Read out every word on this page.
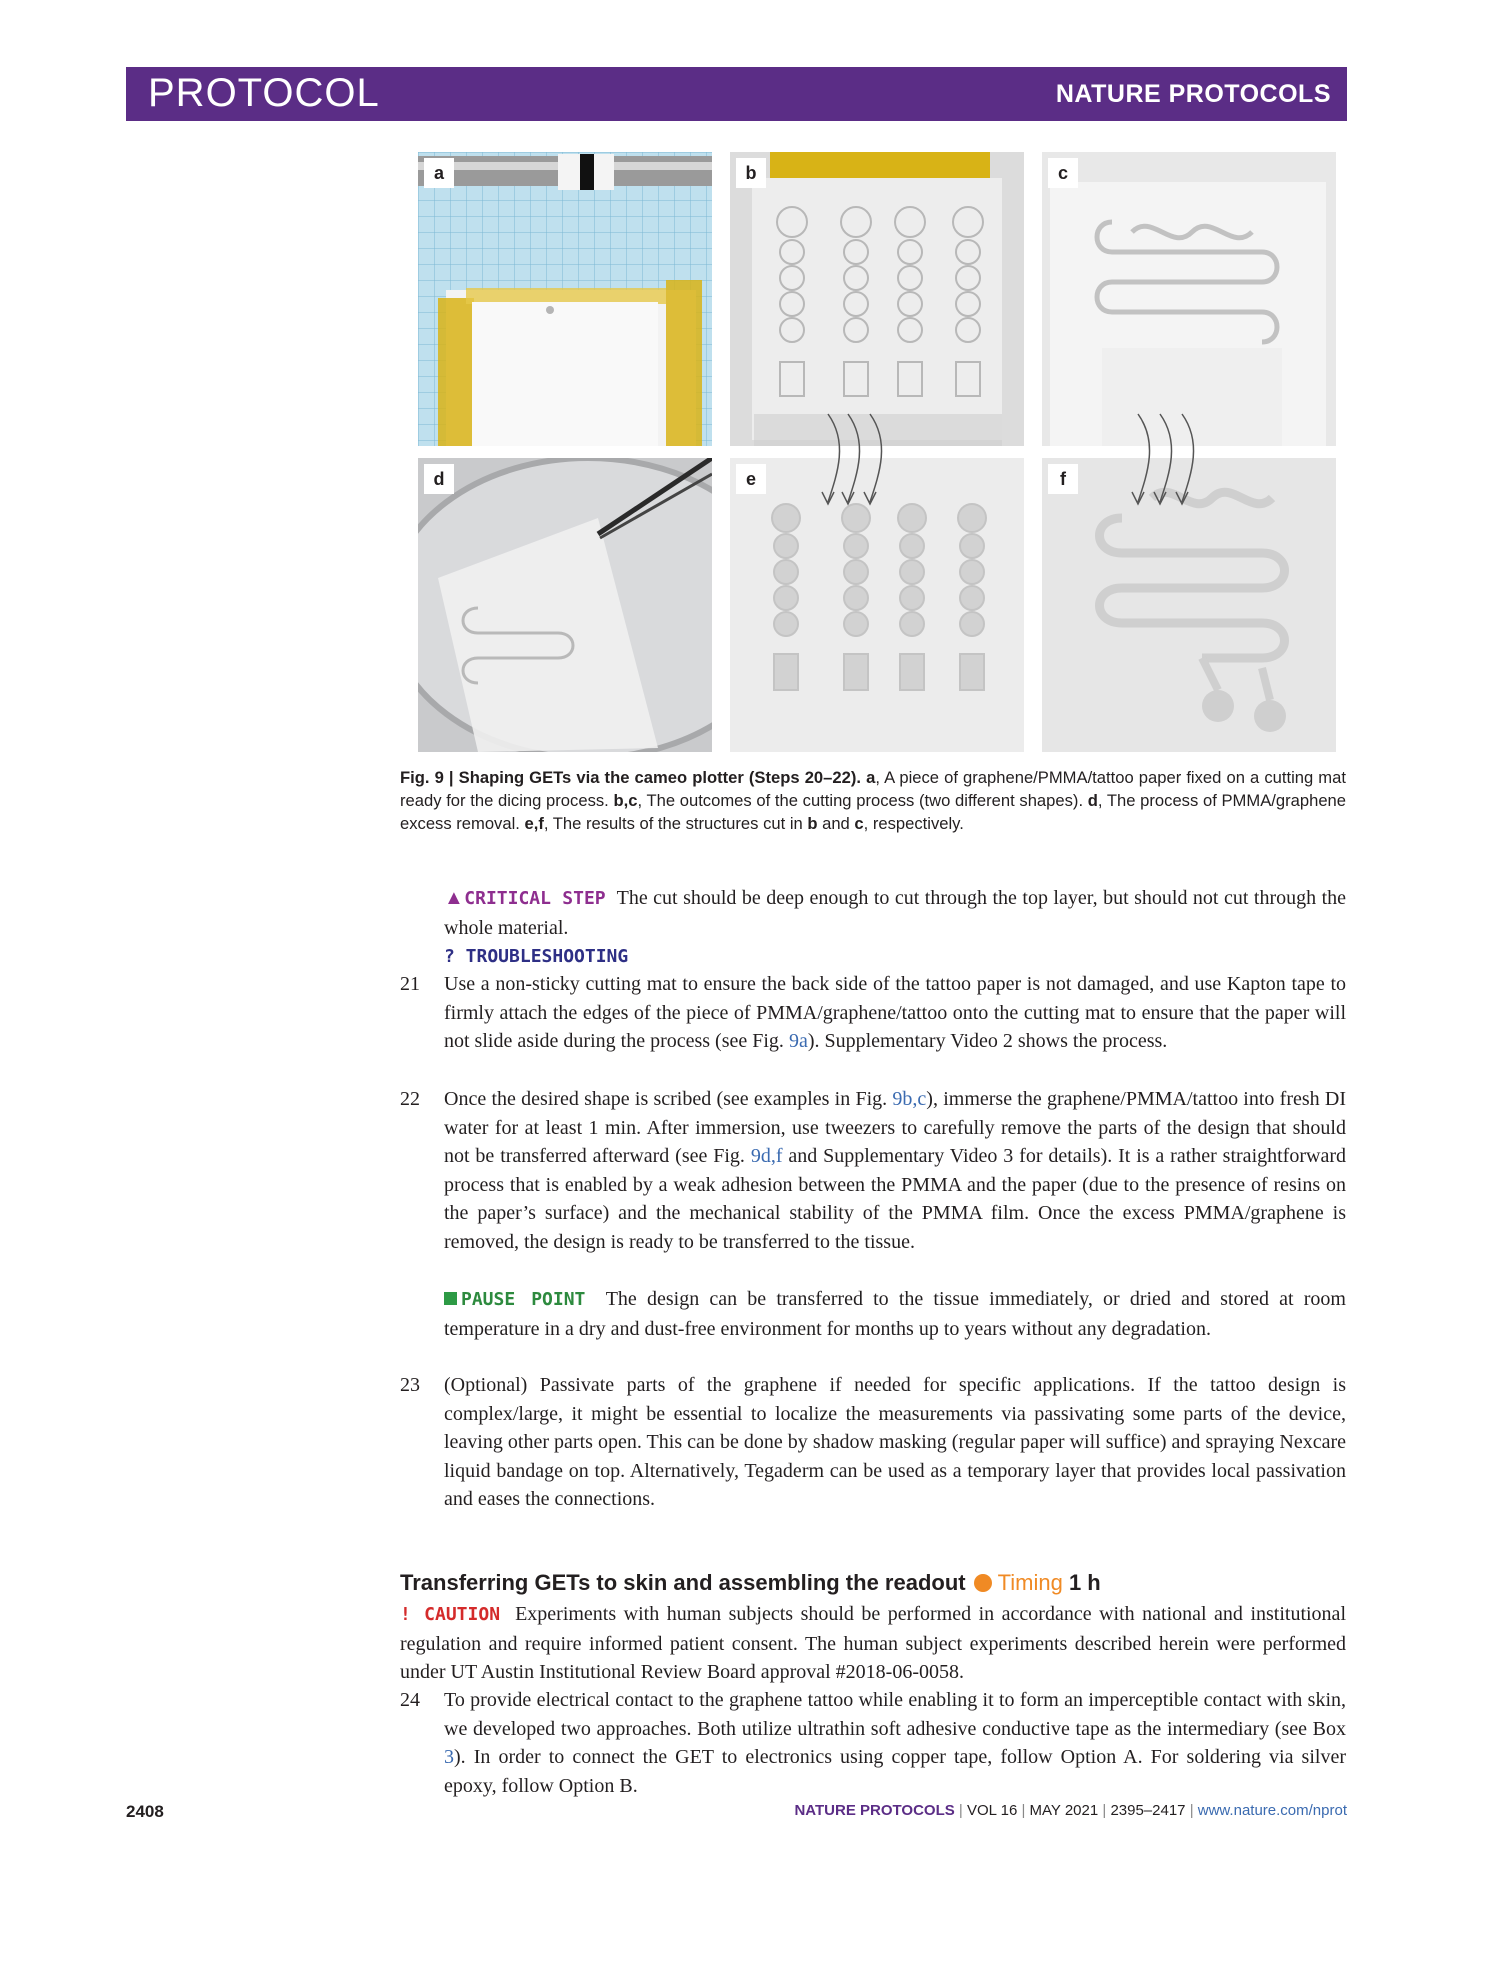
PROTOCOL	NATURE PROTOCOLS
a	b	c
d	e	f
Fig. 9 | Shaping GETs via the cameo plotter (Steps 20–22). a, A piece of graphene/PMMA/tattoo paper fixed on a cutting mat ready for the dicing process. b,c, The outcomes of the cutting process (two different shapes). d, The process of PMMA/graphene excess removal. e,f, The results of the structures cut in b and c, respectively.
▲CRITICAL STEP The cut should be deep enough to cut through the top layer, but should not cut through the whole material.
? TROUBLESHOOTING
21	Use a non-sticky cutting mat to ensure the back side of the tattoo paper is not damaged, and use Kapton tape to firmly attach the edges of the piece of PMMA/graphene/tattoo onto the cutting mat to ensure that the paper will not slide aside during the process (see Fig. 9a). Supplementary Video 2 shows the process.
22	Once the desired shape is scribed (see examples in Fig. 9b,c), immerse the graphene/PMMA/tattoo into fresh DI water for at least 1 min. After immersion, use tweezers to carefully remove the parts of the design that should not be transferred afterward (see Fig. 9d,f and Supplementary Video 3 for details). It is a rather straightforward process that is enabled by a weak adhesion between the PMMA and the paper (due to the presence of resins on the paper’s surface) and the mechanical stability of the PMMA film. Once the excess PMMA/graphene is removed, the design is ready to be transferred to the tissue.
PAUSE POINT The design can be transferred to the tissue immediately, or dried and stored at room temperature in a dry and dust-free environment for months up to years without any degradation.
23	(Optional) Passivate parts of the graphene if needed for specific applications. If the tattoo design is complex/large, it might be essential to localize the measurements via passivating some parts of the device, leaving other parts open. This can be done by shadow masking (regular paper will suffice) and spraying Nexcare liquid bandage on top. Alternatively, Tegaderm can be used as a temporary layer that provides local passivation and eases the connections.
Transferring GETs to skin and assembling the readout Timing 1 h
! CAUTION Experiments with human subjects should be performed in accordance with national and institutional regulation and require informed patient consent. The human subject experiments described herein were performed under UT Austin Institutional Review Board approval #2018-06-0058.
24	To provide electrical contact to the graphene tattoo while enabling it to form an imperceptible contact with skin, we developed two approaches. Both utilize ultrathin soft adhesive conductive tape as the intermediary (see Box 3). In order to connect the GET to electronics using copper tape, follow Option A. For soldering via silver epoxy, follow Option B.
2408	NATURE PROTOCOLS | VOL 16 | MAY 2021 | 2395–2417 | www.nature.com/nprot
